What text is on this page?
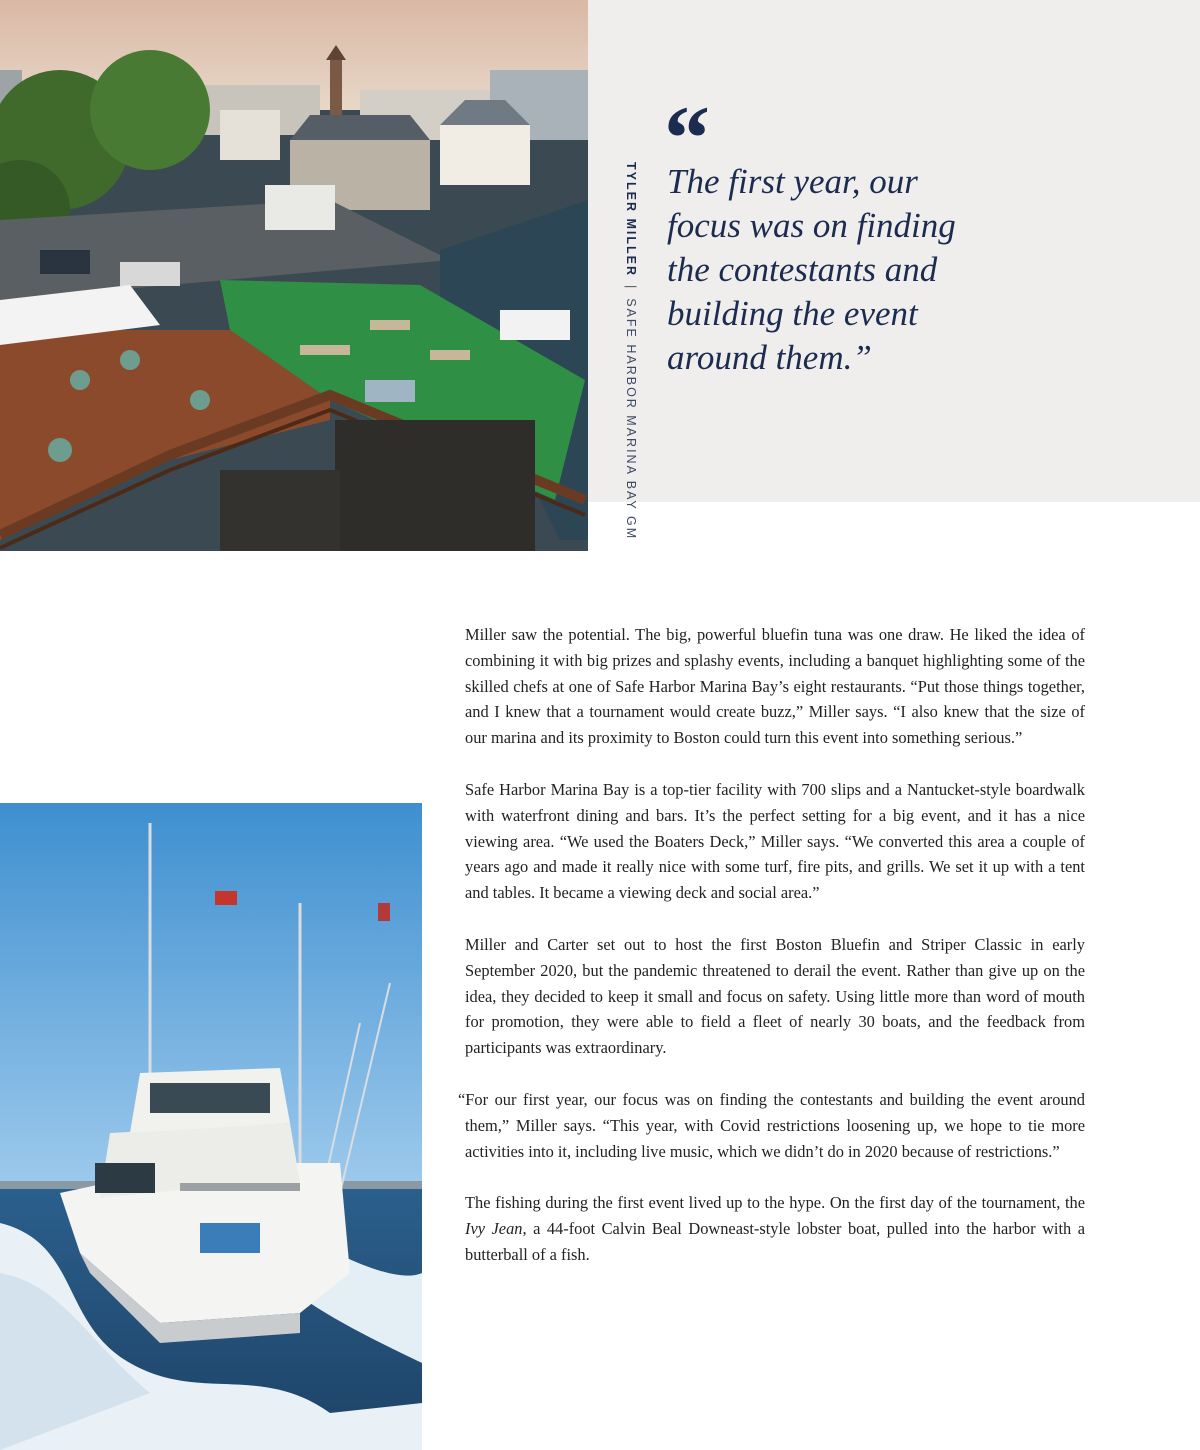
TYLER MILLER|SAFE HARBOR MARINA BAY GM
“

The first year, our focus was on finding the contestants and building the event around them.”

Miller saw the potential. The big, powerful bluefin tuna was one draw. He liked the idea of combining it with big prizes and splashy events, including a banquet highlighting some of the skilled chefs at one of Safe Harbor Marina Bay’s eight restaurants. “Put those things together, and I knew that a tournament would create buzz,” Miller says. “I also knew that the size of our marina and its proximity to Boston could turn this event into something serious.”

Safe Harbor Marina Bay is a top-tier facility with 700 slips and a Nantucket-style boardwalk with waterfront dining and bars. It’s the perfect setting for a big event, and it has a nice viewing area. “We used the Boaters Deck,” Miller says. “We converted this area a couple of years ago and made it really nice with some turf, fire pits, and grills. We set it up with a tent and tables. It became a viewing deck and social area.”

Miller and Carter set out to host the first Boston Bluefin and Striper Classic in early September 2020, but the pandemic threatened to derail the event. Rather than give up on the idea, they decided to keep it small and focus on safety. Using little more than word of mouth for promotion, they were able to field a fleet of nearly 30 boats, and the feedback from participants was extraordinary.

“For our first year, our focus was on finding the contestants and building the event around them,” Miller says. “This year, with Covid restrictions loosening up, we hope to tie more activities into it, including live music, which we didn’t do in 2020 because of restrictions.”

The fishing during the first event lived up to the hype. On the first day of the tournament, the Ivy Jean, a 44-foot Calvin Beal Downeast-style lobster boat, pulled into the harbor with a butterball of a fish.
